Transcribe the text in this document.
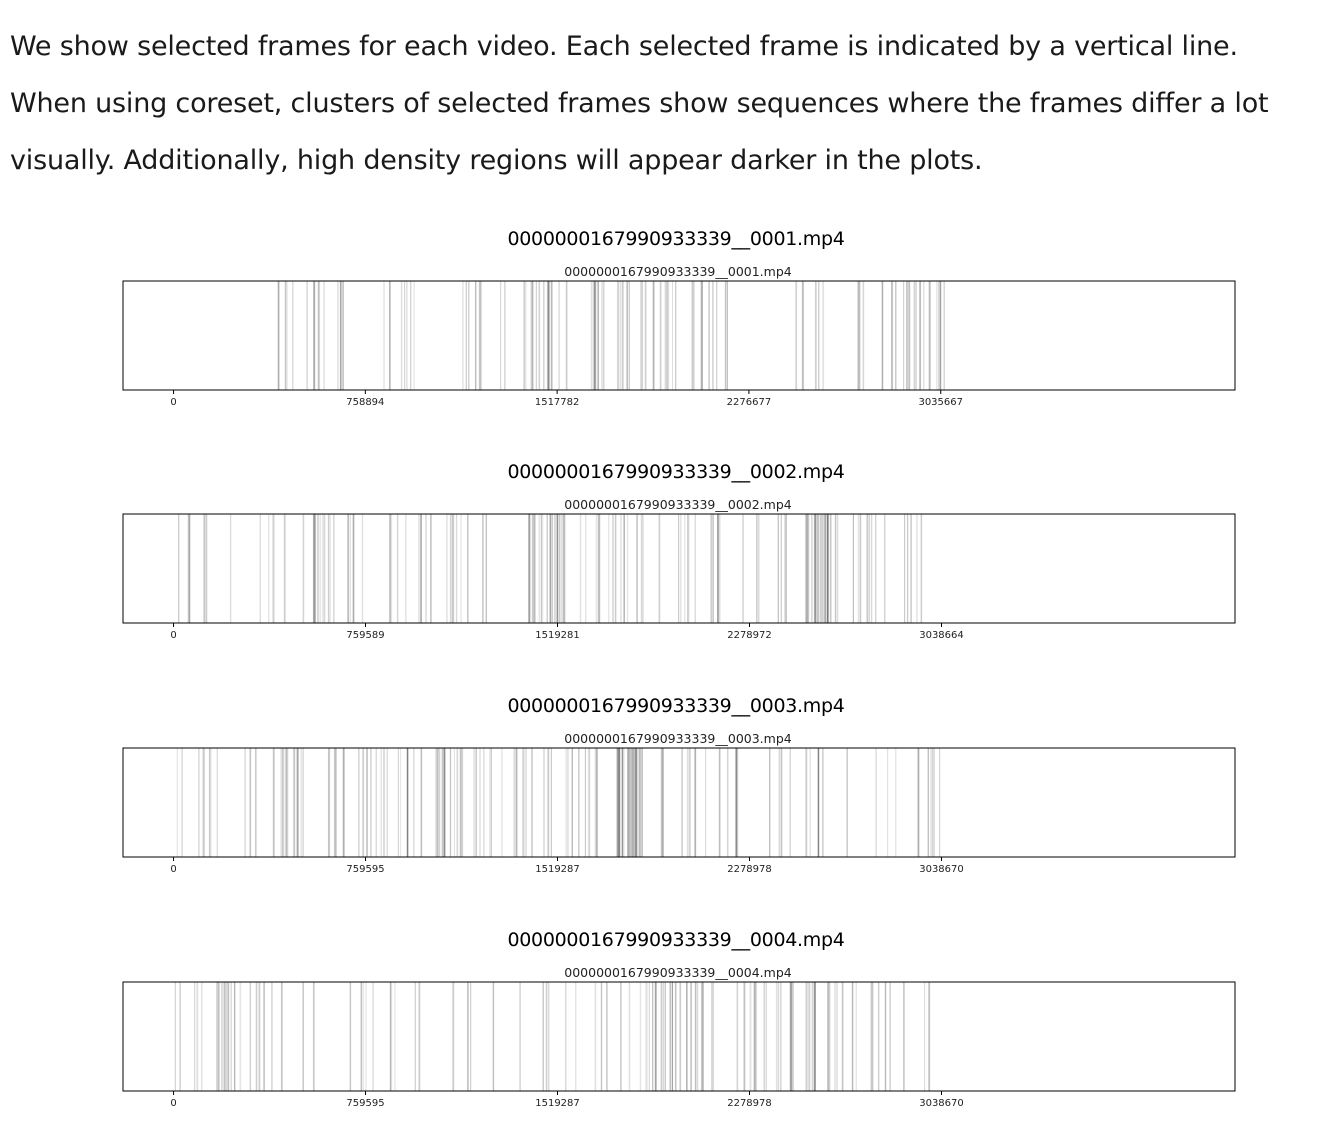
We show selected frames for each video. Each selected frame is indicated by a vertical line.

When using coreset, clusters of selected frames show sequences where the frames differ a lot

visually. Additionally, high density regions will appear darker in the plots.

0000000167990933339__0001.mp4
0000000167990933339__0001.mp4
0	758894	1517782	2276677	3035667
0000000167990933339__0002.mp4
0000000167990933339__0002.mp4
0	759589	1519281	2278972	3038664
0000000167990933339__0003.mp4
0000000167990933339__0003.mp4
0	759595	1519287	2278978	3038670
0000000167990933339__0004.mp4
0000000167990933339__0004.mp4
0	759595	1519287	2278978	3038670
